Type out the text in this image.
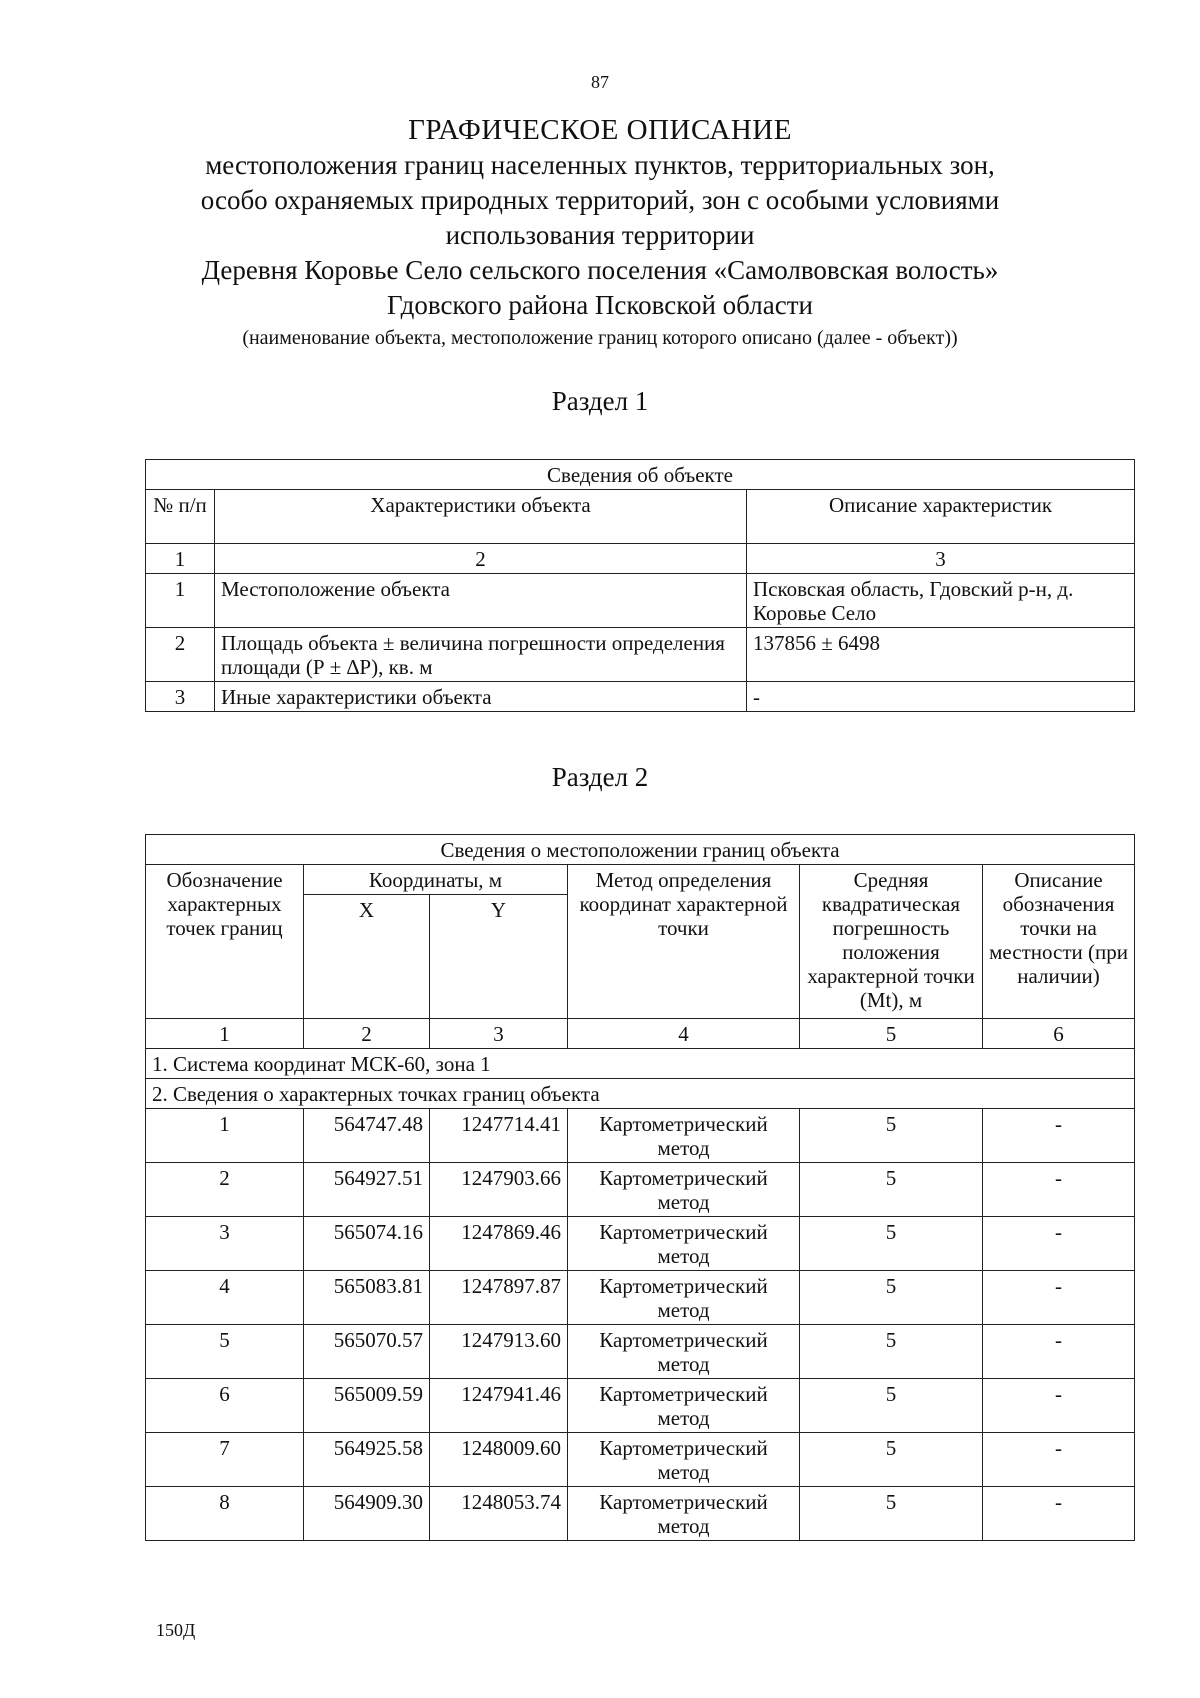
87
ГРАФИЧЕСКОЕ ОПИСАНИЕ
местоположения границ населенных пунктов, территориальных зон,
особо охраняемых природных территорий, зон с особыми условиями
использования территории
Деревня Коровье Село сельского поселения «Самолвовская волость»
Гдовского района Псковской области
(наименование объекта, местоположение границ которого описано (далее - объект))
Раздел 1
Сведения об объекте		
№ п/п	Характеристики объекта	Описание характеристик
1	2	3
1	Местоположение объекта	Псковская область, Гдовский р-н, д. Коровье Село
2	Площадь объекта ± величина погрешности определения площади (Р ± ∆Р), кв. м	137856 ± 6498
3	Иные характеристики объекта	-
Раздел 2
Сведения о местоположении границ объекта					
Обозначение характерных точек границ	Координаты, м		Метод определения координат характерной точки	Средняя квадратическая погрешность положения характерной точки (Мt), м	Описание обозначения точки на местности (при наличии)
	X	Y			
1	2	3	4	5	6
1. Система координат МСК-60, зона 1					
2. Сведения о характерных точках границ объекта					
1	564747.48	1247714.41	Картометрический метод	5	-
2	564927.51	1247903.66	Картометрический метод	5	-
3	565074.16	1247869.46	Картометрический метод	5	-
4	565083.81	1247897.87	Картометрический метод	5	-
5	565070.57	1247913.60	Картометрический метод	5	-
6	565009.59	1247941.46	Картометрический метод	5	-
7	564925.58	1248009.60	Картометрический метод	5	-
8	564909.30	1248053.74	Картометрический метод	5	-
150Д
